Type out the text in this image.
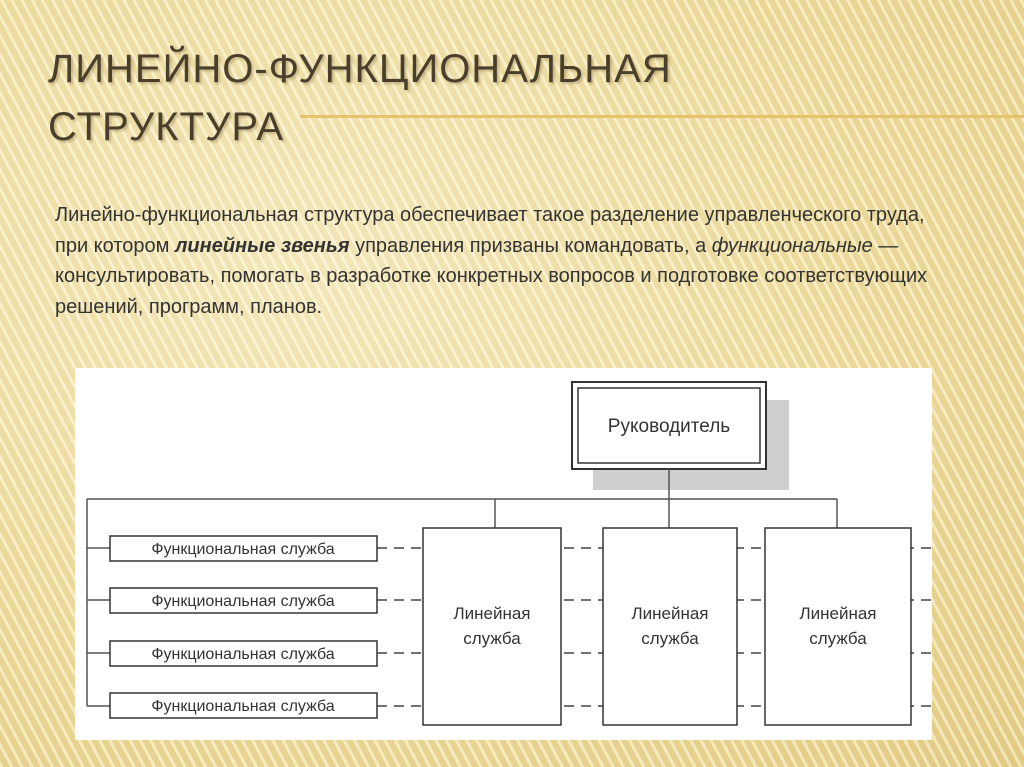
ЛИНЕЙНО-ФУНКЦИОНАЛЬНАЯ
СТРУКТУРА
Линейно-функциональная структура обеспечивает такое разделение управленческого труда, при котором линейные звенья управления призваны командовать, а функциональные — консультировать, помогать в разработке конкретных вопросов и подготовке соответствующих решений, программ, планов.
Руководитель
Функциональная служба
Функциональная служба
Функциональная служба
Функциональная служба
Линейная
служба
Линейная
служба
Линейная
служба
